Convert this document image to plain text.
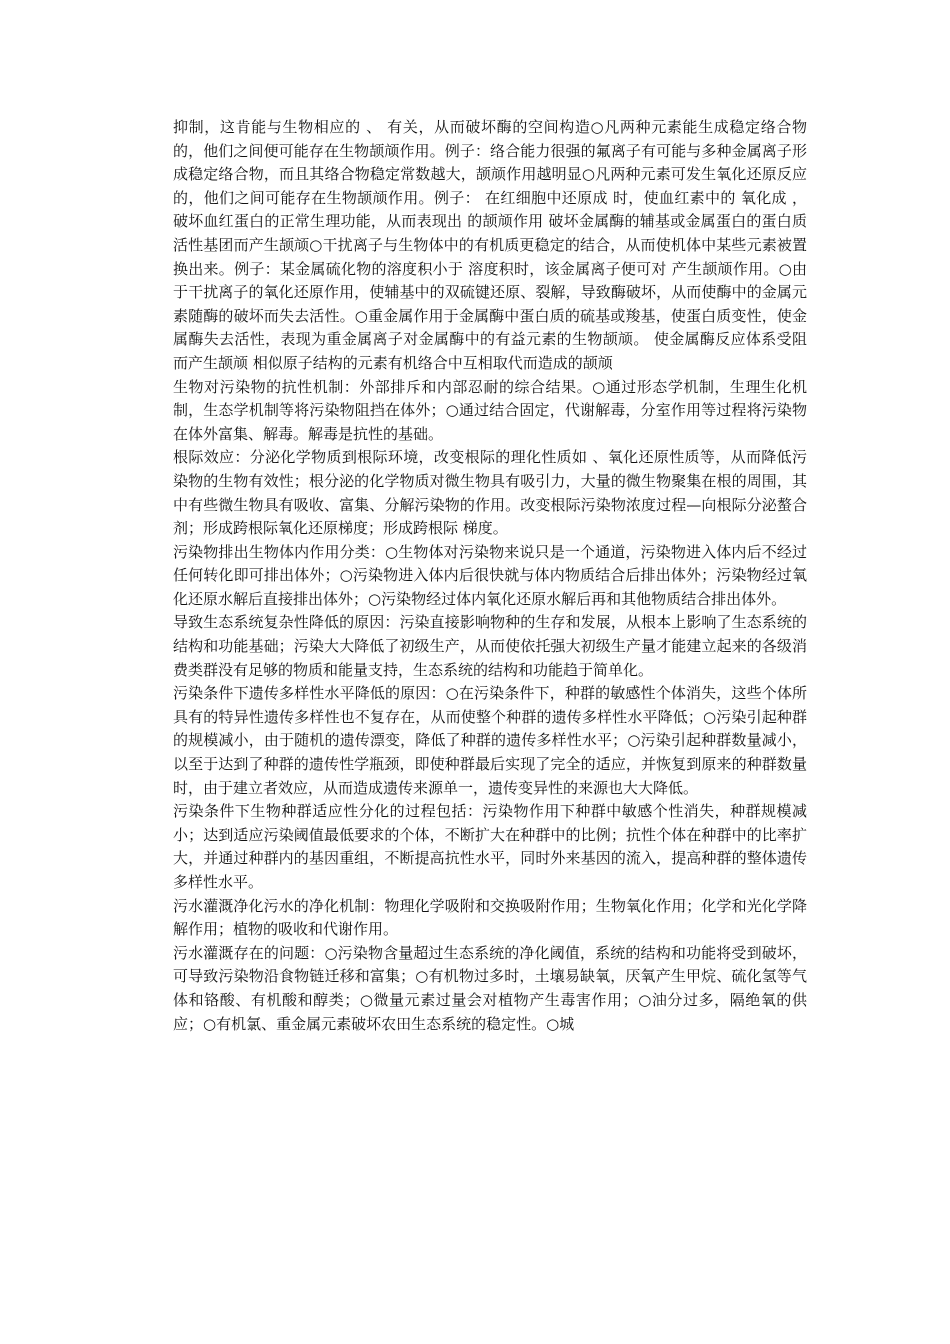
抑制，这肯能与生物相应的 、 有关，从而破坏酶的空间构造○凡两种元素能生成稳定络合物的，他们之间便可能存在生物颉颃作用。例子：络合能力很强的氟离子有可能与多种金属离子形成稳定络合物，而且其络合物稳定常数越大，颉颃作用越明显○凡两种元素可发生氧化还原反应的，他们之间可能存在生物颉颃作用。例子： 在红细胞中还原成 时，使血红素中的 氧化成 ，破坏血红蛋白的正常生理功能，从而表现出 的颉颃作用 破坏金属酶的辅基或金属蛋白的蛋白质活性基团而产生颉颃○干扰离子与生物体中的有机质更稳定的结合，从而使机体中某些元素被置换出来。例子：某金属硫化物的溶度积小于 溶度积时，该金属离子便可对 产生颉颃作用。○由于干扰离子的氧化还原作用，使辅基中的双硫键还原、裂解，导致酶破坏，从而使酶中的金属元素随酶的破坏而失去活性。○重金属作用于金属酶中蛋白质的硫基或羧基，使蛋白质变性，使金属酶失去活性，表现为重金属离子对金属酶中的有益元素的生物颉颃。 使金属酶反应体系受阻而产生颉颃 相似原子结构的元素有机络合中互相取代而造成的颉颃

生物对污染物的抗性机制：外部排斥和内部忍耐的综合结果。○通过形态学机制，生理生化机制，生态学机制等将污染物阻挡在体外；○通过结合固定，代谢解毒，分室作用等过程将污染物在体外富集、解毒。解毒是抗性的基础。

根际效应：分泌化学物质到根际环境，改变根际的理化性质如 、氧化还原性质等，从而降低污染物的生物有效性；根分泌的化学物质对微生物具有吸引力，大量的微生物聚集在根的周围，其中有些微生物具有吸收、富集、分解污染物的作用。改变根际污染物浓度过程—向根际分泌螯合剂；形成跨根际氧化还原梯度；形成跨根际 梯度。

污染物排出生物体内作用分类：○生物体对污染物来说只是一个通道，污染物进入体内后不经过任何转化即可排出体外；○污染物进入体内后很快就与体内物质结合后排出体外；污染物经过氧化还原水解后直接排出体外；○污染物经过体内氧化还原水解后再和其他物质结合排出体外。

导致生态系统复杂性降低的原因：污染直接影响物种的生存和发展，从根本上影响了生态系统的结构和功能基础；污染大大降低了初级生产，从而使依托强大初级生产量才能建立起来的各级消费类群没有足够的物质和能量支持，生态系统的结构和功能趋于简单化。

污染条件下遗传多样性水平降低的原因：○在污染条件下，种群的敏感性个体消失，这些个体所具有的特异性遗传多样性也不复存在，从而使整个种群的遗传多样性水平降低；○污染引起种群的规模减小，由于随机的遗传漂变，降低了种群的遗传多样性水平；○污染引起种群数量减小，以至于达到了种群的遗传性学瓶颈，即使种群最后实现了完全的适应，并恢复到原来的种群数量时，由于建立者效应，从而造成遗传来源单一，遗传变异性的来源也大大降低。

污染条件下生物种群适应性分化的过程包括：污染物作用下种群中敏感个性消失，种群规模减小；达到适应污染阈值最低要求的个体，不断扩大在种群中的比例；抗性个体在种群中的比率扩大，并通过种群内的基因重组，不断提高抗性水平，同时外来基因的流入，提高种群的整体遗传多样性水平。

污水灌溉净化污水的净化机制：物理化学吸附和交换吸附作用；生物氧化作用；化学和光化学降解作用；植物的吸收和代谢作用。

污水灌溉存在的问题：○污染物含量超过生态系统的净化阈值，系统的结构和功能将受到破坏，可导致污染物沿食物链迁移和富集；○有机物过多时，土壤易缺氧，厌氧产生甲烷、硫化氢等气体和铬酸、有机酸和醇类；○微量元素过量会对植物产生毒害作用；○油分过多，隔绝氧的供应；○有机氯、重金属元素破坏农田生态系统的稳定性。○城
